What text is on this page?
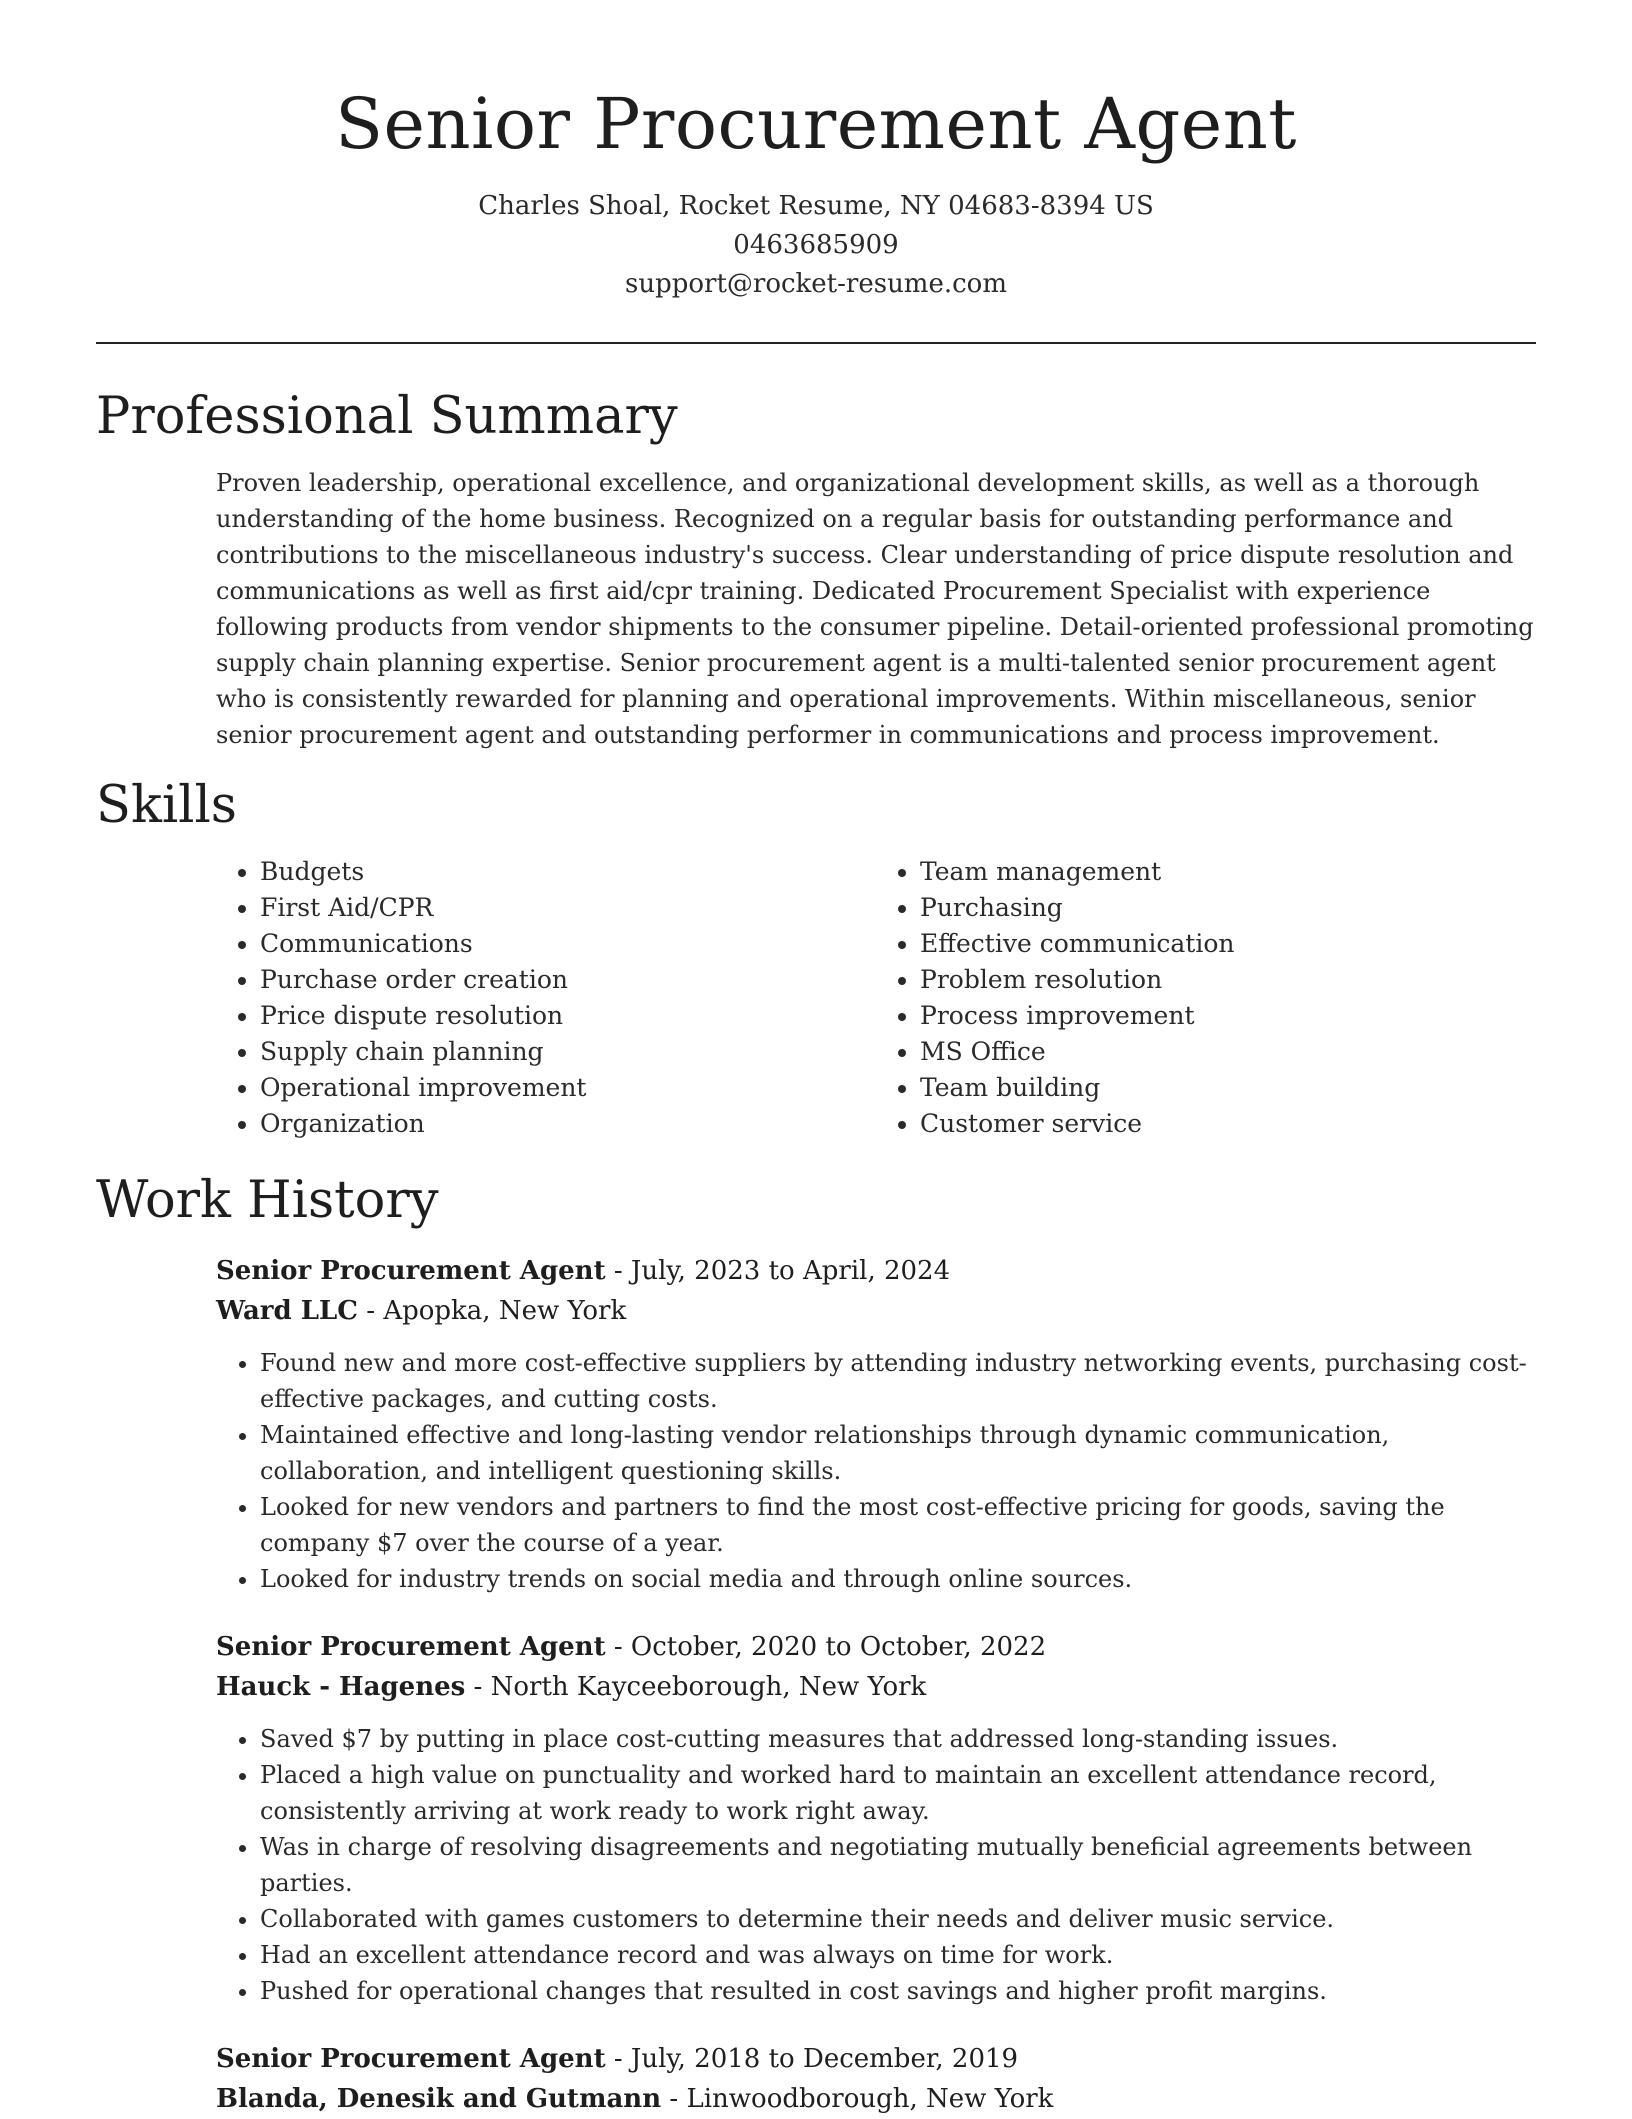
Senior Procurement Agent
Charles Shoal, Rocket Resume, NY 04683-8394 US
0463685909
support@rocket-resume.com
Professional Summary

Proven leadership, operational excellence, and organizational development skills, as well as a thorough understanding of the home business. Recognized on a regular basis for outstanding performance and contributions to the miscellaneous industry's success. Clear understanding of price dispute resolution and communications as well as first aid/cpr training. Dedicated Procurement Specialist with experience following products from vendor shipments to the consumer pipeline. Detail-oriented professional promoting supply chain planning expertise. Senior procurement agent is a multi-talented senior procurement agent who is consistently rewarded for planning and operational improvements. Within miscellaneous, senior senior procurement agent and outstanding performer in communications and process improvement.

Skills
• Budgets
• First Aid/CPR
• Communications
• Purchase order creation
• Price dispute resolution
• Supply chain planning
• Operational improvement
• Organization
• Team management
• Purchasing
• Effective communication
• Problem resolution
• Process improvement
• MS Office
• Team building
• Customer service
Work History
Senior Procurement Agent - July, 2023 to April, 2024
Ward LLC - Apopka, New York
• Found new and more cost-effective suppliers by attending industry networking events, purchasing cost-effective packages, and cutting costs.
• Maintained effective and long-lasting vendor relationships through dynamic communication, collaboration, and intelligent questioning skills.
• Looked for new vendors and partners to find the most cost-effective pricing for goods, saving the company $7 over the course of a year.
• Looked for industry trends on social media and through online sources.
Senior Procurement Agent - October, 2020 to October, 2022
Hauck - Hagenes - North Kayceeborough, New York
• Saved $7 by putting in place cost-cutting measures that addressed long-standing issues.
• Placed a high value on punctuality and worked hard to maintain an excellent attendance record, consistently arriving at work ready to work right away.
• Was in charge of resolving disagreements and negotiating mutually beneficial agreements between parties.
• Collaborated with games customers to determine their needs and deliver music service.
• Had an excellent attendance record and was always on time for work.
• Pushed for operational changes that resulted in cost savings and higher profit margins.
Senior Procurement Agent - July, 2018 to December, 2019
Blanda, Denesik and Gutmann - Linwoodborough, New York
